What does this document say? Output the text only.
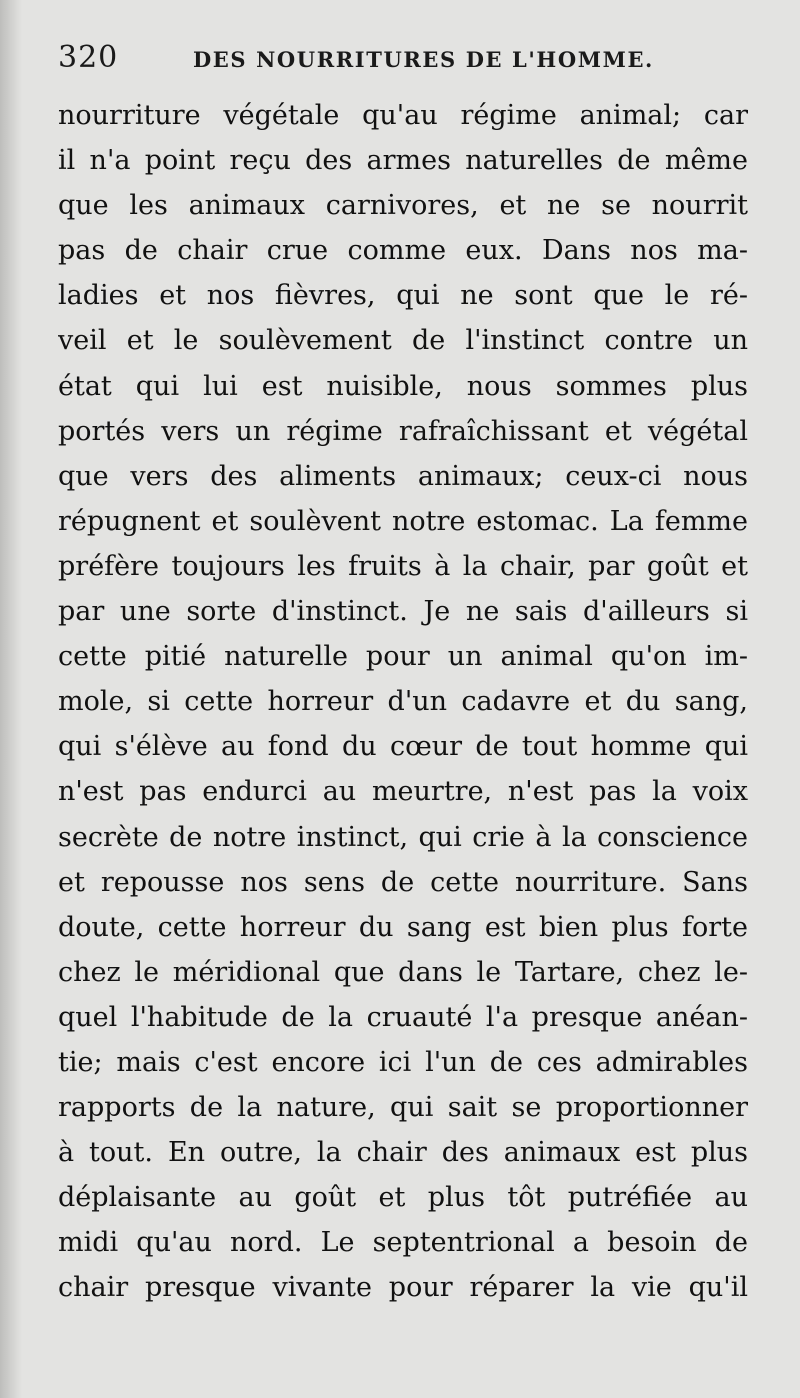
320	DES NOURRITURES DE L'HOMME.
nourriture végétale qu'au régime animal; car
il n'a point reçu des armes naturelles de même
que les animaux carnivores, et ne se nourrit
pas de chair crue comme eux. Dans nos ma-
ladies et nos fièvres, qui ne sont que le ré-
veil et le soulèvement de l'instinct contre un
état qui lui est nuisible, nous sommes plus
portés vers un régime rafraîchissant et végétal
que vers des aliments animaux; ceux-ci nous
répugnent et soulèvent notre estomac. La femme
préfère toujours les fruits à la chair, par goût et
par une sorte d'instinct. Je ne sais d'ailleurs si
cette pitié naturelle pour un animal qu'on im-
mole, si cette horreur d'un cadavre et du sang,
qui s'élève au fond du cœur de tout homme qui
n'est pas endurci au meurtre, n'est pas la voix
secrète de notre instinct, qui crie à la conscience
et repousse nos sens de cette nourriture. Sans
doute, cette horreur du sang est bien plus forte
chez le méridional que dans le Tartare, chez le-
quel l'habitude de la cruauté l'a presque anéan-
tie; mais c'est encore ici l'un de ces admirables
rapports de la nature, qui sait se proportionner
à tout. En outre, la chair des animaux est plus
déplaisante au goût et plus tôt putréfiée au
midi qu'au nord. Le septentrional a besoin de
chair presque vivante pour réparer la vie qu'il
